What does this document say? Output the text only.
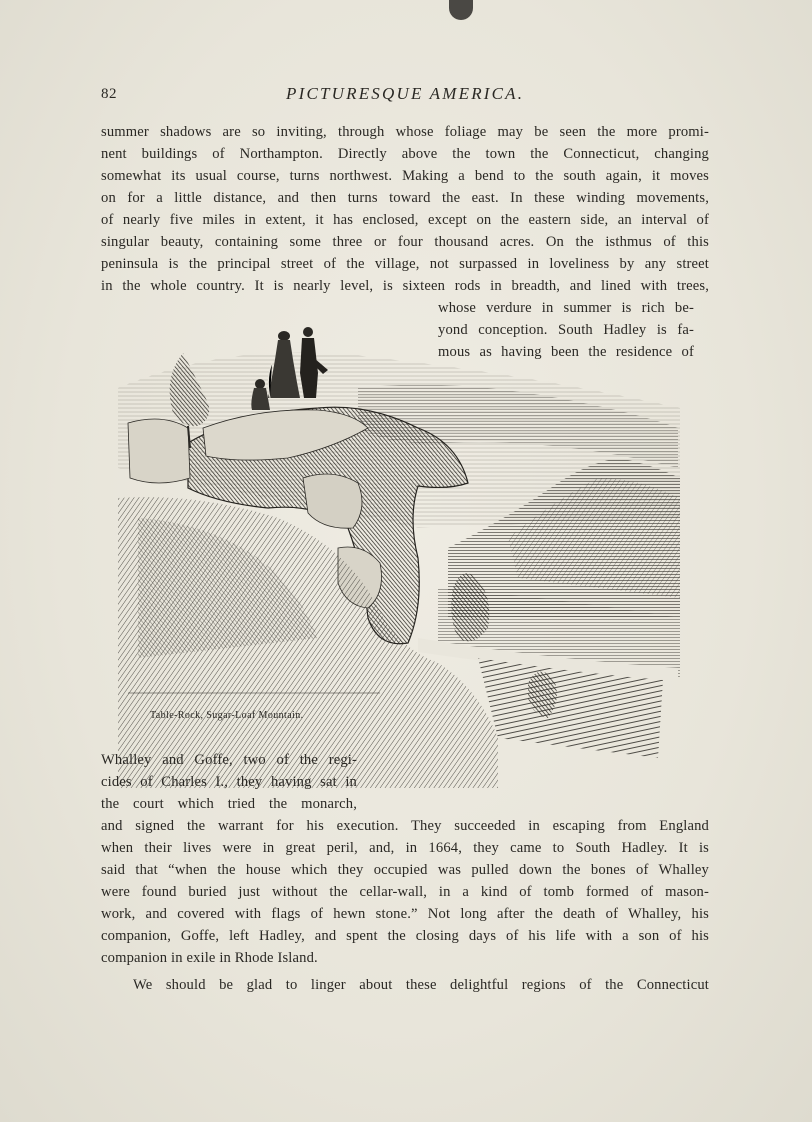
82	PICTURESQUE AMERICA.
summer shadows are so inviting, through whose foliage may be seen the more promi-
nent buildings of Northampton. Directly above the town the Connecticut, changing
somewhat its usual course, turns northwest. Making a bend to the south again, it moves
on for a little distance, and then turns toward the east. In these winding movements,
of nearly five miles in extent, it has enclosed, except on the eastern side, an interval of
singular beauty, containing some three or four thousand acres. On the isthmus of this
peninsula is the principal street of the village, not surpassed in loveliness by any street
in the whole country. It is nearly level, is sixteen rods in breadth, and lined with trees,
whose verdure in summer is rich be-
yond conception. South Hadley is fa-
mous as having been the residence of
Table-Rock, Sugar-Loaf Mountain.
Whalley and Goffe, two of the regi-
cides of Charles I., they having sat in
the court which tried the monarch,
and signed the warrant for his execution. They succeeded in escaping from England
when their lives were in great peril, and, in 1664, they came to South Hadley. It is
said that “when the house which they occupied was pulled down the bones of Whalley
were found buried just without the cellar-wall, in a kind of tomb formed of mason-
work, and covered with flags of hewn stone.” Not long after the death of Whalley, his
companion, Goffe, left Hadley, and spent the closing days of his life with a son of his
companion in exile in Rhode Island.
We should be glad to linger about these delightful regions of the Connecticut
